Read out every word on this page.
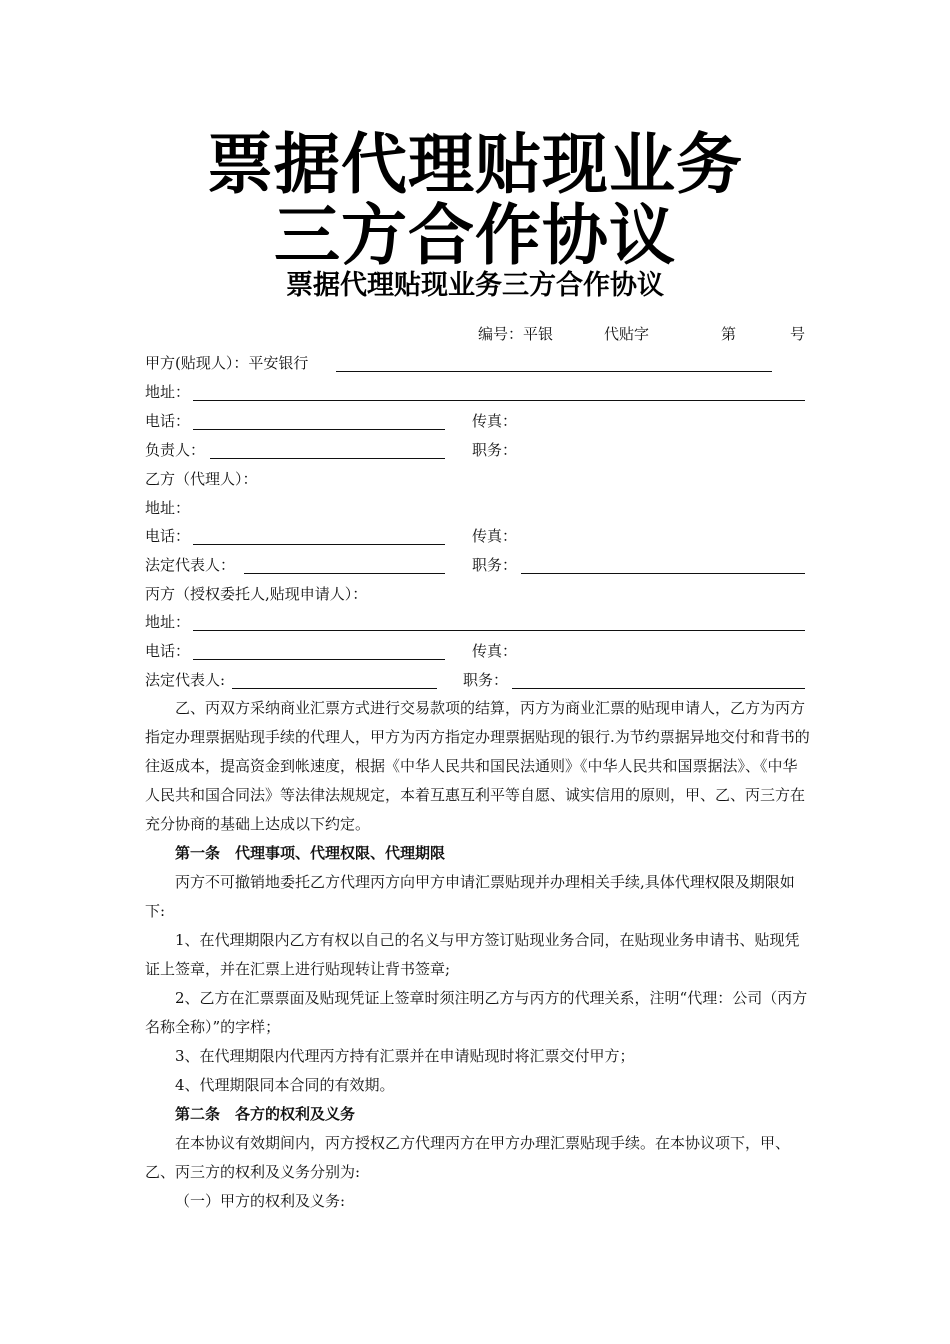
票据代理贴现业务
三方合作协议
票据代理贴现业务三方合作协议
编号：平银	代贴字	第	号
甲方(贴现人）：平安银行
地址：
电话：	传真：
负责人：	职务：
乙方（代理人）：
地址：
电话：	传真：
法定代表人：	职务：
丙方（授权委托人,贴现申请人）：
地址：
电话：	传真：
法定代表人:	职务：

乙、丙双方采纳商业汇票方式进行交易款项的结算，丙方为商业汇票的贴现申请人，乙方为丙方指定办理票据贴现手续的代理人，甲方为丙方指定办理票据贴现的银行.为节约票据异地交付和背书的往返成本，提高资金到帐速度，根据《中华人民共和国民法通则》《中华人民共和国票据法》、《中华人民共和国合同法》等法律法规规定，本着互惠互利平等自愿、诚实信用的原则，甲、乙、丙三方在充分协商的基础上达成以下约定。

第一条　代理事项、代理权限、代理期限

丙方不可撤销地委托乙方代理丙方向甲方申请汇票贴现并办理相关手续,具体代理权限及期限如下:

1、在代理期限内乙方有权以自己的名义与甲方签订贴现业务合同，在贴现业务申请书、贴现凭证上签章，并在汇票上进行贴现转让背书签章;

2、乙方在汇票票面及贴现凭证上签章时须注明乙方与丙方的代理关系，注明“代理：公司（丙方名称全称）”的字样；

3、在代理期限内代理丙方持有汇票并在申请贴现时将汇票交付甲方；

4、代理期限同本合同的有效期。

第二条　各方的权利及义务

在本协议有效期间内，丙方授权乙方代理丙方在甲方办理汇票贴现手续。在本协议项下，甲、乙、丙三方的权利及义务分别为:

（一）甲方的权利及义务:
